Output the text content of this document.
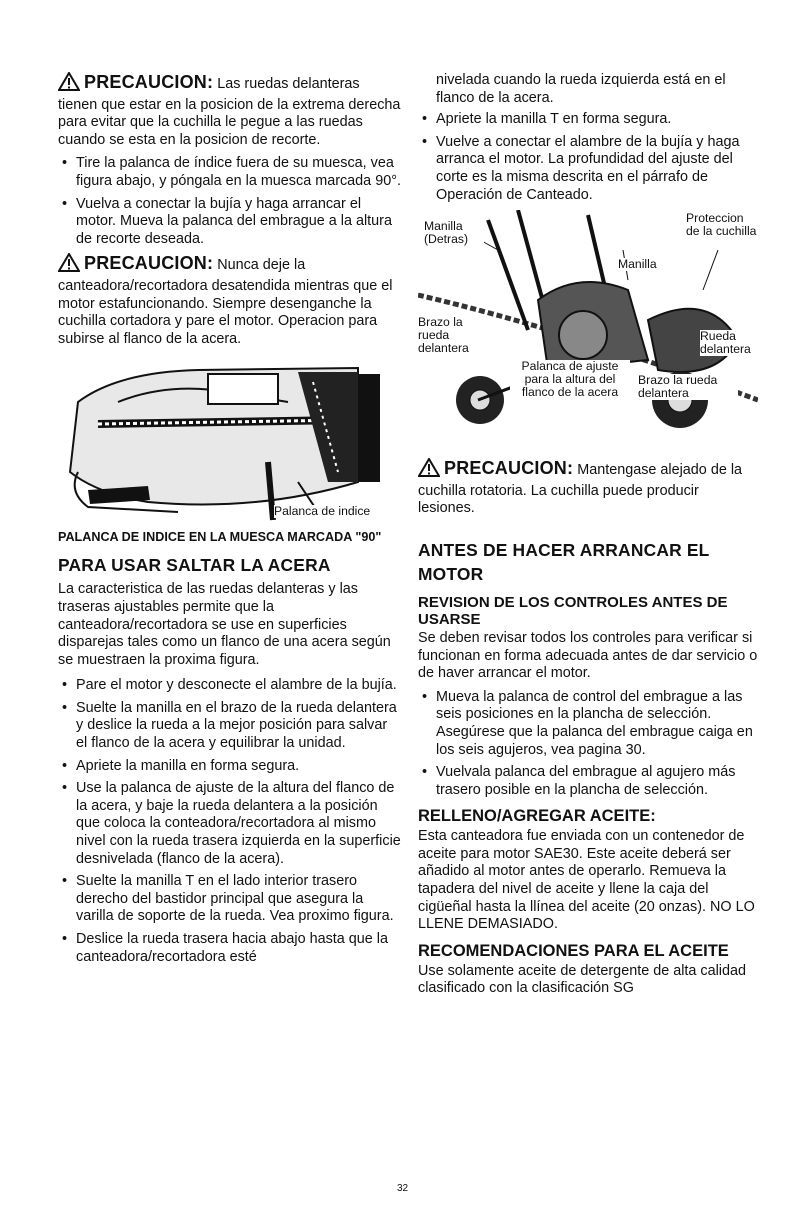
PRECAUCION: Las ruedas delanteras tienen que estar en la posicion de la extrema derecha para evitar que la cuchilla le pegue a las ruedas cuando se esta en la posicion de recorte.

• Tire la palanca de índice fuera de su muesca, vea figura abajo, y póngala en la muesca marcada 90°.
• Vuelva a conectar la bujía y haga arrancar el motor. Mueva la palanca del embrague a la altura de recorte deseada.

PRECAUCION: Nunca deje la canteadora/recortadora desatendida mientras que el motor estafuncionando. Siempre desenganche la cuchilla cortadora y pare el motor. Operacion para subirse al flanco de la acera.

Palanca de indice

PALANCA DE INDICE EN LA MUESCA MARCADA "90"

PARA USAR SALTAR LA ACERA

La caracteristica de las ruedas delanteras y las traseras ajustables permite que la canteadora/recortadora se use en superficies disparejas tales como un flanco de una acera según se muestraen la proxima figura.

• Pare el motor y desconecte el alambre de la bujía.
• Suelte la manilla en el brazo de la rueda delantera y deslice la rueda a la mejor posición para salvar el flanco de la acera y equilibrar la unidad.
• Apriete la manilla en forma segura.
• Use la palanca de ajuste de la altura del flanco de la acera, y baje la rueda delantera a la posición que coloca la conteadora/recortadora al mismo nivel con la rueda trasera izquierda en la superficie desnivelada (flanco de la acera).
• Suelte la manilla T en el lado interior trasero derecho del bastidor principal que asegura la varilla de soporte de la rueda. Vea proximo figura.
• Deslice la rueda trasera hacia abajo hasta que la canteadora/recortadora esté

nivelada cuando la rueda izquierda está en el flanco de la acera.

• Apriete la manilla T en forma segura.
• Vuelve a conectar el alambre de la bujía y haga arranca el motor. La profundidad del ajuste del corte es la misma descrita en el párrafo de Operación de Canteado.
Manilla (Detras)
Proteccion de la cuchilla
Manilla
Brazo la rueda delantera
Rueda delantera
Palanca de ajuste para la altura del flanco de la acera
Brazo la rueda delantera

PRECAUCION: Mantengase alejado de la cuchilla rotatoria. La cuchilla puede producir lesiones.

ANTES DE HACER ARRANCAR EL MOTOR

REVISION DE LOS CONTROLES ANTES DE USARSE

Se deben revisar todos los controles para verificar si funcionan en forma adecuada antes de dar servicio o de haver arrancar el motor.

• Mueva la palanca de control del embrague a las seis posiciones en la plancha de selección. Asegúrese que la palanca del embrague caiga en los seis agujeros, vea pagina 30.
• Vuelvala palanca del embrague al agujero más trasero posible en la plancha de selección.

RELLENO/AGREGAR ACEITE:

Esta canteadora fue enviada con un contenedor de aceite para motor SAE30. Este aceite deberá ser añadido al motor antes de operarlo. Remueva la tapadera del nivel de aceite y llene la caja del cigüeñal hasta la llínea del aceite (20 onzas). NO LO LLENE DEMASIADO.

RECOMENDACIONES PARA EL ACEITE

Use solamente aceite de detergente de alta calidad clasificado con la clasificación SG

32
